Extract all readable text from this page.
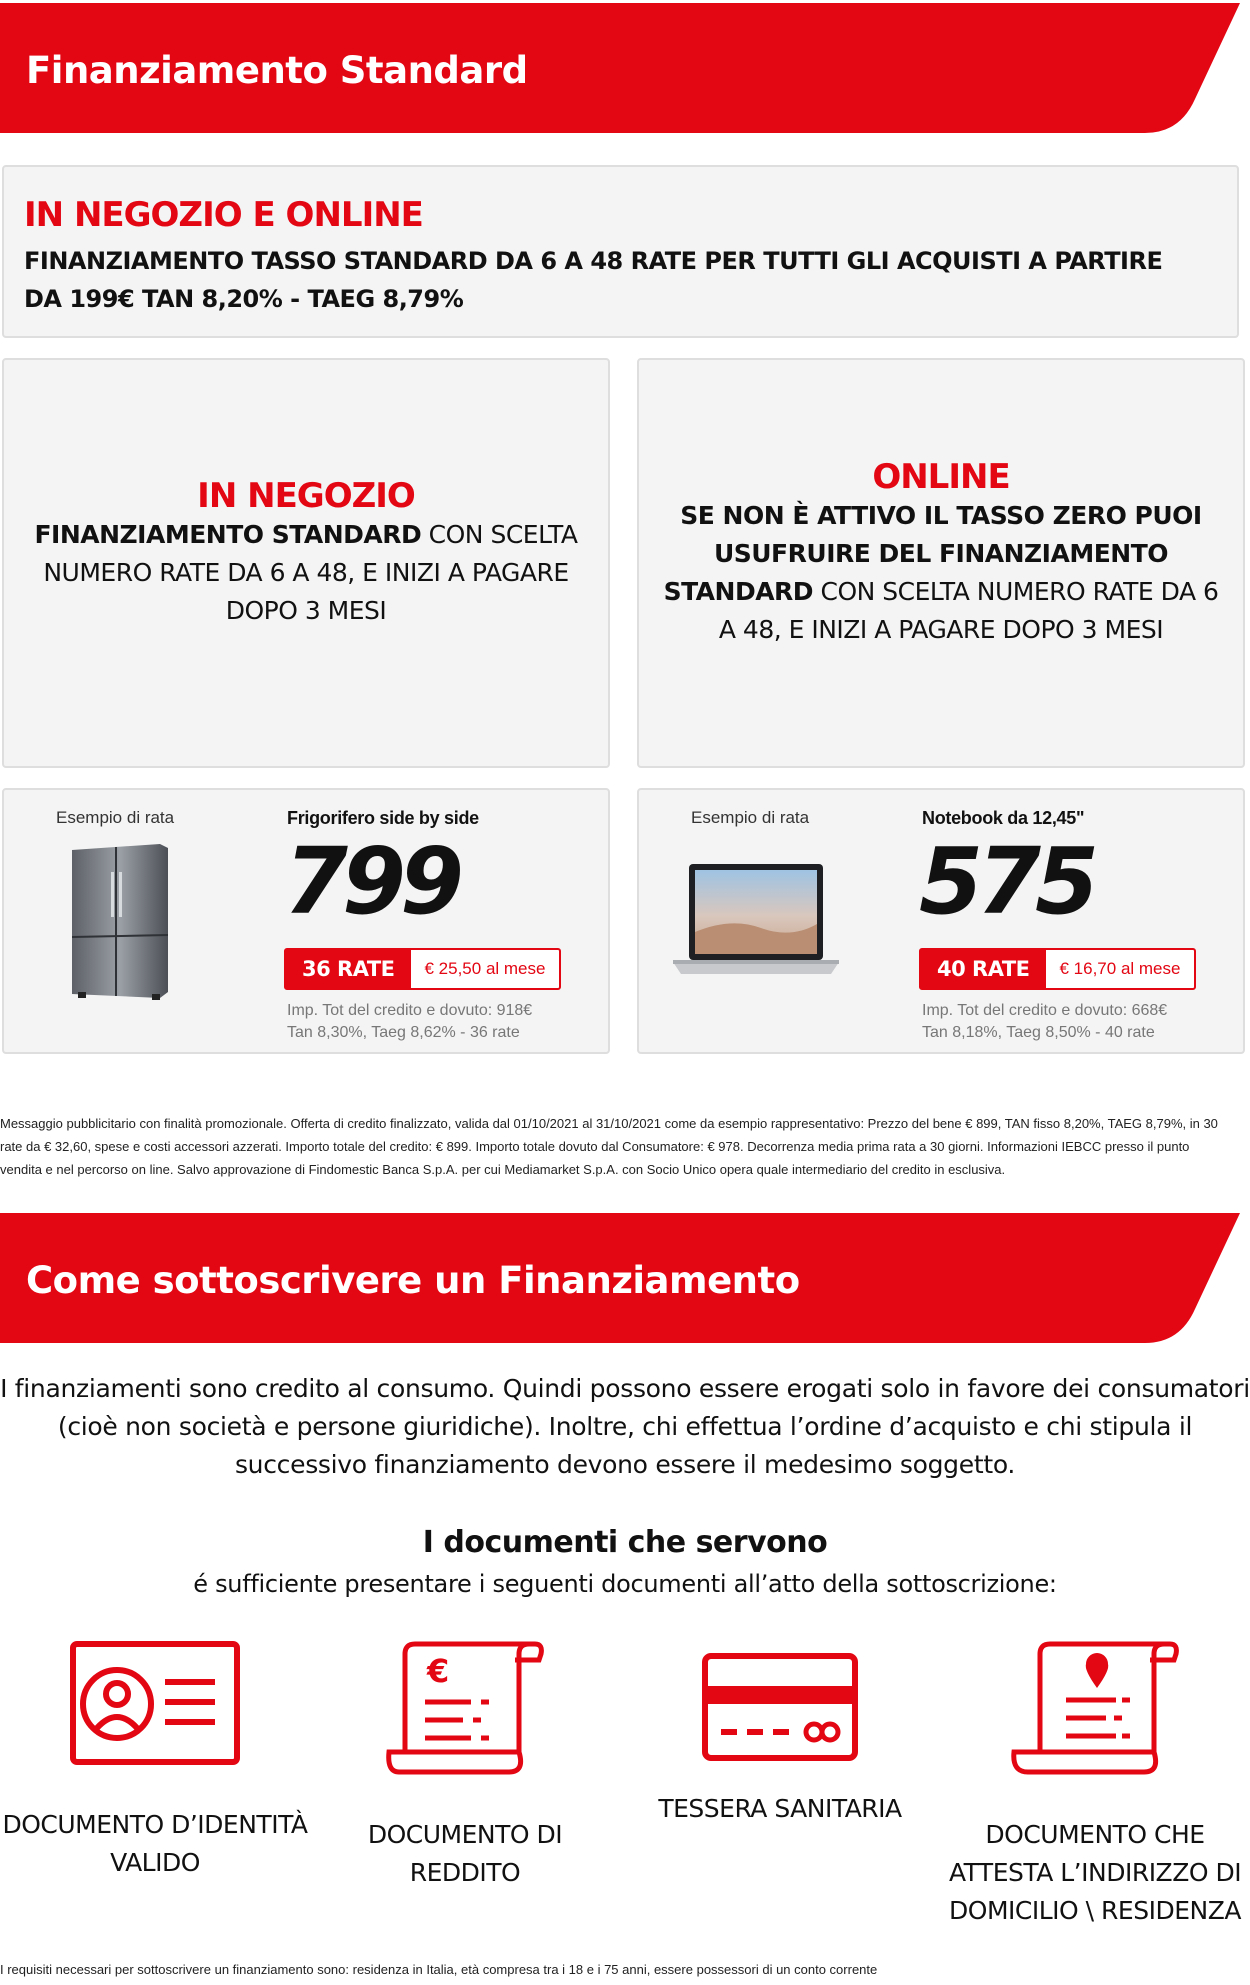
Finanziamento Standard
IN NEGOZIO E ONLINE
FINANZIAMENTO TASSO STANDARD DA 6 A 48 RATE PER TUTTI GLI ACQUISTI A PARTIRE DA 199€ TAN 8,20% - TAEG 8,79%
IN NEGOZIO
FINANZIAMENTO STANDARD CON SCELTA NUMERO RATE DA 6 A 48, E INIZI A PAGARE DOPO 3 MESI
ONLINE
SE NON È ATTIVO IL TASSO ZERO PUOI USUFRUIRE DEL FINANZIAMENTO STANDARD CON SCELTA NUMERO RATE DA 6 A 48, E INIZI A PAGARE DOPO 3 MESI
Esempio di rata	Frigorifero side by side
799
36 RATE	€ 25,50 al mese
Imp. Tot del credito e dovuto: 918€
Tan 8,30%, Taeg 8,62% - 36 rate
Esempio di rata	Notebook da 12,45"
575
40 RATE	€ 16,70 al mese
Imp. Tot del credito e dovuto: 668€
Tan 8,18%, Taeg 8,50% - 40 rate
Messaggio pubblicitario con finalità promozionale. Offerta di credito finalizzato, valida dal 01/10/2021 al 31/10/2021 come da esempio rappresentativo: Prezzo del bene € 899, TAN fisso 8,20%, TAEG 8,79%, in 30 rate da € 32,60, spese e costi accessori azzerati. Importo totale del credito: € 899. Importo totale dovuto dal Consumatore: € 978. Decorrenza media prima rata a 30 giorni. Informazioni IEBCC presso il punto vendita e nel percorso on line. Salvo approvazione di Findomestic Banca S.p.A. per cui Mediamarket S.p.A. con Socio Unico opera quale intermediario del credito in esclusiva.
Come sottoscrivere un Finanziamento
I finanziamenti sono credito al consumo. Quindi possono essere erogati solo in favore dei consumatori (cioè non società e persone giuridiche). Inoltre, chi effettua l’ordine d’acquisto e chi stipula il successivo finanziamento devono essere il medesimo soggetto.
I documenti che servono
é sufficiente presentare i seguenti documenti all’atto della sottoscrizione:
DOCUMENTO D’IDENTITÀ VALIDO
€
DOCUMENTO DI REDDITO
TESSERA SANITARIA
DOCUMENTO CHE ATTESTA L’INDIRIZZO DI DOMICILIO \ RESIDENZA
I requisiti necessari per sottoscrivere un finanziamento sono: residenza in Italia, età compresa tra i 18 e i 75 anni, essere possessori di un conto corrente
